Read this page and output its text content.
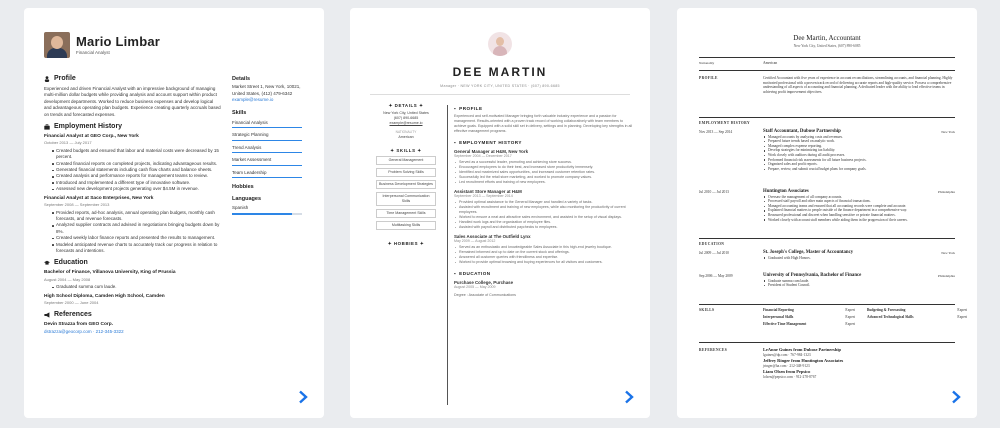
Mario Limbar
Financial Analyst
Profile
Experienced and driven Financial Analyst with an impressive background of managing multi-million dollar budgets while providing analysis and account support within product development departments. Worked to reduce business expenses and develop logical and advantageous operating plan budgets. Experience creating quarterly accruals based on trends and forecasted expenses.
Employment History
Financial Analyst at GEO Corp., New York
October 2013 — July 2017
Created budgets and ensured that labor and material costs were decreased by 15 percent.
Created financial reports on completed projects, indicating advantageous results.
Generated financial statements including cash flow charts and balance sheets.
Created analysis and performance reports for management teams to review.
Introduced and Implemented a different type of innovative software.
Assessed new development projects generating over $4.5M in revenue.
Financial Analyst at Saco Enterprises, New York
September 2008 — September 2013
Provided reports, ad-hoc analysis, annual operating plan budgets, monthly cash forecasts, and revenue forecasts.
Analyzed supplier contracts and advised in negotiations bringing budgets down by 8%.
Created weekly labor finance reports and presented the results to management.
Modeled anticipated revenue charts to accurately track our progress in relation to forecasts and intentions.
Education
Bachelor of Finance, Villanova University, King of Prussia
August 2004 — May 2008
Graduated summa cum laude.
High School Diploma, Camden High School, Camden
September 2000 — June 2004
References
Devin Strazza from GEO Corp.
dstrazza@geocorp.com · 212-345-3322
Details
Market Street 1, New York, 10021, United States, (412) 479-6342
example@resume.io
Skills
Financial Analysis
Strategic Planning
Trend Analysis
Market Assessment
Team Leadership
Hobbies
Languages
Spanish
DEE MARTIN
Manager · NEW YORK CITY, UNITED STATES · (607) 890-6685
✦ DETAILS ✦
New York City, United States
(607) 890-6685
example@resume.io
NATIONALITY
American
✦ SKILLS ✦
General Management
Problem Solving Skills
Business Development Strategies
Interpersonal Communication Skills
Time Management Skills
Multitasking Skills
✦ HOBBIES ✦
▪ PROFILE
Experienced and self-motivated Manager bringing forth valuable industry experience and a passion for management. Results-oriented with a proven track record of working collaboratively with team members to achieve goals. Equipped with a solid skill set in delivery, settings and in planning. Developing key strengths in all effective management programs.
▪ EMPLOYMENT HISTORY
General Manager at H&M, New York
September 2004 — December 2017
Served as a successful leader, promoting and achieving store success.
Encouraged employees to do their best, and increased store productivity immensely.
Identified and maximized sales opportunities, and increased customer retention rates.
Successfully led the retail store marketing, and worked to promote company values.
Led recruitment efforts and training of new employees.
Assistant Store Manager at H&M
September 2013 — September 2014
Provided optimal assistance to the General Manager and handled a variety of tasks.
Assisted with recruitment and training of new employees, while also monitoring the productivity of current employees.
Worked to ensure a neat and attractive sales environment, and assisted in the setup of visual displays.
Handled work logs and the organization of employee files.
Assisted with payroll and distributed paychecks to employees.
Sales Associate at The Outfield Lynx
May 2009 — August 2012
Served as an enthusiastic and knowledgeable Sales Associate in this high-end jewelry boutique.
Remained informed and up to date on the current stock and offerings.
Answered all customer queries with friendliness and expertise.
Worked to provide optimal browsing and buying experiences for all visitors and customers.
▪ EDUCATION
Purchase College, Purchase
August 2005 — May 2009
Degree : Associate of Communications
Dee Martin, Accountant
New York City, United States, (607) 890-6085
Nationality	American
PROFILE	Certified Accountant with five years of experience in account reconciliations, streamlining accounts, and financial planning. Highly motivated professional with a proven track record of delivering accurate reports and high-quality service. Possess a comprehensive understanding of all aspects of accounting and financial planning. A dedicated leader with the ability to lead effective teams in achieving profit improvement objectives.
EMPLOYMENT HISTORY
Nov 2013 — Sep 2014	New York
Staff Accountant, Dubose Partnership
Managed accounts by analyzing costs and revenues.
Prepared future trends based on analytic work.
Managed complex expense reporting.
Develop strategies for minimizing tax liability.
Work closely with auditors during all audit processes.
Performed financial risk assessments for all future business projects.
Organized sales and profit reports.
Prepare, review, and submit crucial budget plans for company goals.
Jul 2010 — Jul 2013	Philadelphia
Huntington Associates
Oversaw the management of all company accounts.
Processed staff payroll and other main aspects of financial transactions.
Managed accounting teams and ensured that all accounting records were complete and accurate.
Explained financial matters to people outside of the finance department in a comprehensive way.
Reassured professional and discreet when handling sensitive or private financial matters.
Worked closely with account staff members while aiding them in the progression of their careers.
EDUCATION
Jul 2009 — Jul 2010	New York
St. Joseph's College, Master of Accountancy
Graduated with High Honors.
Sep 2006 — May 2009	Philadelphia
University of Pennsylvania, Bachelor of Finance
Graduate summa cum laude.
President of Student Council.
SKILLS	Financial Reporting	Expert	Budgeting & Forecasting	Expert
Interpersonal Skills	Expert	Advanced Technological Skills	Expert
Effective Time Management	Expert
REFERENCES	LeAnne Guines from Dubose Partnership
lguines@dp.com · 767-984-1323
Jeffrey Ringer from Huntington Associates
jringer@ha.com · 212-348-9123
Liam Olsen from Pepsico
lolsen@pepsico.com · 912-278-8767
